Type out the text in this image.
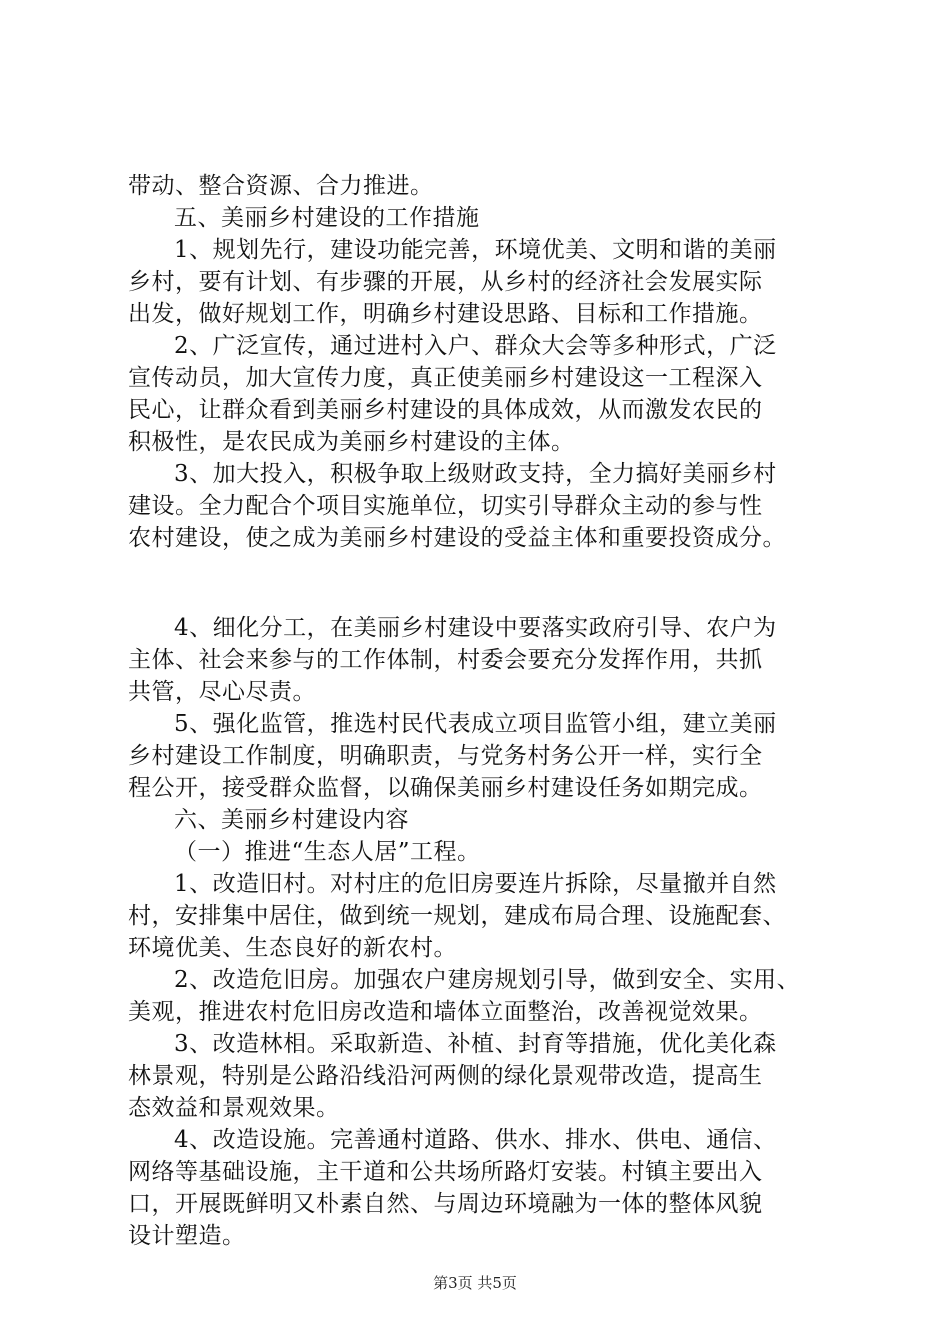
带动、整合资源、合力推进。
五、美丽乡村建设的工作措施
1、规划先行，建设功能完善，环境优美、文明和谐的美丽
乡村，要有计划、有步骤的开展，从乡村的经济社会发展实际
出发，做好规划工作，明确乡村建设思路、目标和工作措施。
2、广泛宣传，通过进村入户、群众大会等多种形式，广泛
宣传动员，加大宣传力度，真正使美丽乡村建设这一工程深入
民心，让群众看到美丽乡村建设的具体成效，从而激发农民的
积极性，是农民成为美丽乡村建设的主体。
3、加大投入，积极争取上级财政支持，全力搞好美丽乡村
建设。全力配合个项目实施单位，切实引导群众主动的参与性
农村建设，使之成为美丽乡村建设的受益主体和重要投资成分。
4、细化分工，在美丽乡村建设中要落实政府引导、农户为
主体、社会来参与的工作体制，村委会要充分发挥作用，共抓
共管，尽心尽责。
5、强化监管，推选村民代表成立项目监管小组，建立美丽
乡村建设工作制度，明确职责，与党务村务公开一样，实行全
程公开，接受群众监督，以确保美丽乡村建设任务如期完成。
六、美丽乡村建设内容
（一）推进“生态人居”工程。
1、改造旧村。对村庄的危旧房要连片拆除，尽量撤并自然
村，安排集中居住，做到统一规划，建成布局合理、设施配套、
环境优美、生态良好的新农村。
2、改造危旧房。加强农户建房规划引导，做到安全、实用、
美观，推进农村危旧房改造和墙体立面整治，改善视觉效果。
3、改造林相。采取新造、补植、封育等措施，优化美化森
林景观，特别是公路沿线沿河两侧的绿化景观带改造，提高生
态效益和景观效果。
4、改造设施。完善通村道路、供水、排水、供电、通信、
网络等基础设施，主干道和公共场所路灯安装。村镇主要出入
口，开展既鲜明又朴素自然、与周边环境融为一体的整体风貌
设计塑造。
第3页 共5页
